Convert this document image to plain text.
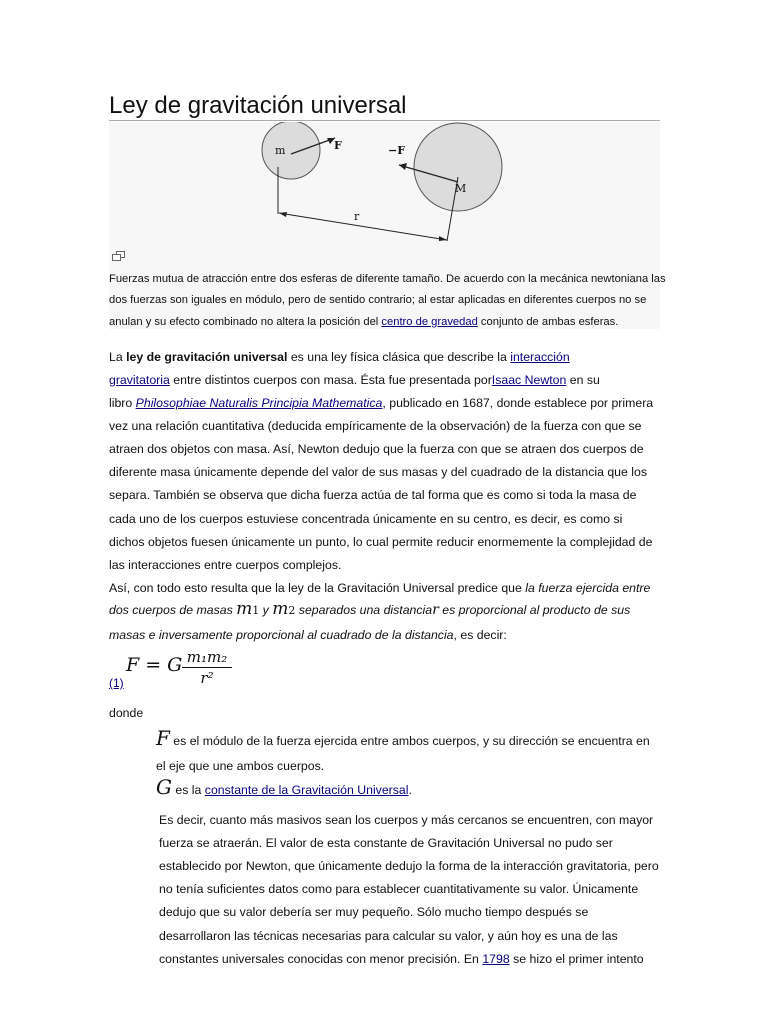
Ley de gravitación universal
m
M
F	−F
r
Fuerzas mutua de atracción entre dos esferas de diferente tamaño. De acuerdo con la mecánica newtoniana las
dos fuerzas son iguales en módulo, pero de sentido contrario; al estar aplicadas en diferentes cuerpos no se
anulan y su efecto combinado no altera la posición del centro de gravedad conjunto de ambas esferas.
La ley de gravitación universal es una ley física clásica que describe la interacción
gravitatoria entre distintos cuerpos con masa. Ésta fue presentada porIsaac Newton en su
libro Philosophiae Naturalis Principia Mathematica, publicado en 1687, donde establece por primera
vez una relación cuantitativa (deducida empíricamente de la observación) de la fuerza con que se
atraen dos objetos con masa. Así, Newton dedujo que la fuerza con que se atraen dos cuerpos de
diferente masa únicamente depende del valor de sus masas y del cuadrado de la distancia que los
separa. También se observa que dicha fuerza actúa de tal forma que es como si toda la masa de
cada uno de los cuerpos estuviese concentrada únicamente en su centro, es decir, es como si
dichos objetos fuesen únicamente un punto, lo cual permite reducir enormemente la complejidad de
las interacciones entre cuerpos complejos.
Así, con todo esto resulta que la ley de la Gravitación Universal predice que la fuerza ejercida entre
dos cuerpos de masas m1 y m2 separados una distanciar es proporcional al producto de sus
masas e inversamente proporcional al cuadrado de la distancia, es decir:
(1)
F = G m₁m₂
r²
donde
F es el módulo de la fuerza ejercida entre ambos cuerpos, y su dirección se encuentra en
el eje que une ambos cuerpos.
G es la constante de la Gravitación Universal.
Es decir, cuanto más masivos sean los cuerpos y más cercanos se encuentren, con mayor
fuerza se atraerán. El valor de esta constante de Gravitación Universal no pudo ser
establecido por Newton, que únicamente dedujo la forma de la interacción gravitatoria, pero
no tenía suficientes datos como para establecer cuantitativamente su valor. Únicamente
dedujo que su valor debería ser muy pequeño. Sólo mucho tiempo después se
desarrollaron las técnicas necesarias para calcular su valor, y aún hoy es una de las
constantes universales conocidas con menor precisión. En 1798 se hizo el primer intento
